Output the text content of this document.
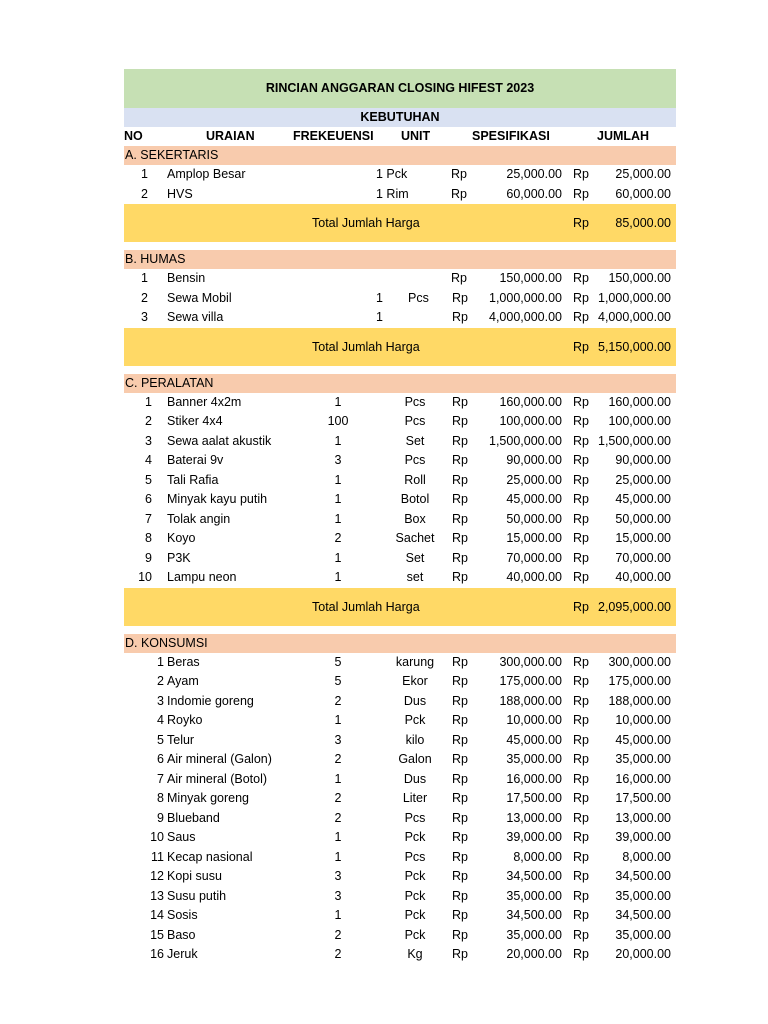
RINCIAN ANGGARAN CLOSING HIFEST 2023
KEBUTUHAN
NO	URAIAN	FREKEUENSI UNIT	SPESIFIKASI	JUMLAH
A. SEKERTARIS
1 Amplop Besar	1 Pck	Rp	25,000.00 Rp	25,000.00
2 HVS	1 Rim	Rp	60,000.00 Rp	60,000.00
Total Jumlah Harga	Rp	85,000.00
B. HUMAS
1 Bensin	Rp	150,000.00 Rp	150,000.00
2 Sewa Mobil	1 Pcs Rp	1,000,000.00 Rp 1,000,000.00
3 Sewa villa	1	Rp	4,000,000.00 Rp 4,000,000.00
Total Jumlah Harga	Rp 5,150,000.00
C. PERALATAN
1 Banner 4x2m	1	Pcs	Rp	160,000.00 Rp	160,000.00
2 Stiker 4x4	100	Pcs	Rp	100,000.00 Rp	100,000.00
3 Sewa aalat akustik	1	Set	Rp	1,500,000.00 Rp 1,500,000.00
4 Baterai 9v	3	Pcs	Rp	90,000.00 Rp	90,000.00
5 Tali Rafia	1	Roll	Rp	25,000.00 Rp	25,000.00
6 Minyak kayu putih	1	Botol	Rp	45,000.00 Rp	45,000.00
7 Tolak angin	1	Box	Rp	50,000.00 Rp	50,000.00
8 Koyo	2	Sachet	Rp	15,000.00 Rp	15,000.00
9 P3K	1	Set	Rp	70,000.00 Rp	70,000.00
10 Lampu neon	1	set	Rp	40,000.00 Rp	40,000.00
Total Jumlah Harga	Rp 2,095,000.00
D. KONSUMSI
1 Beras	5	karung	Rp	300,000.00 Rp	300,000.00
2 Ayam	5	Ekor	Rp	175,000.00 Rp	175,000.00
3 Indomie goreng	2	Dus	Rp	188,000.00 Rp	188,000.00
4 Royko	1	Pck	Rp	10,000.00 Rp	10,000.00
5 Telur	3	kilo	Rp	45,000.00 Rp	45,000.00
6 Air mineral (Galon)	2	Galon	Rp	35,000.00 Rp	35,000.00
7 Air mineral (Botol)	1	Dus	Rp	16,000.00 Rp	16,000.00
8 Minyak goreng	2	Liter	Rp	17,500.00 Rp	17,500.00
9 Blueband	2	Pcs	Rp	13,000.00 Rp	13,000.00
10 Saus	1	Pck	Rp	39,000.00 Rp	39,000.00
11 Kecap nasional	1	Pcs	Rp	8,000.00 Rp	8,000.00
12 Kopi susu	3	Pck	Rp	34,500.00 Rp	34,500.00
13 Susu putih	3	Pck	Rp	35,000.00 Rp	35,000.00
14 Sosis	1	Pck	Rp	34,500.00 Rp	34,500.00
15 Baso	2	Pck	Rp	35,000.00 Rp	35,000.00
16 Jeruk	2	Kg	Rp	20,000.00 Rp	20,000.00
